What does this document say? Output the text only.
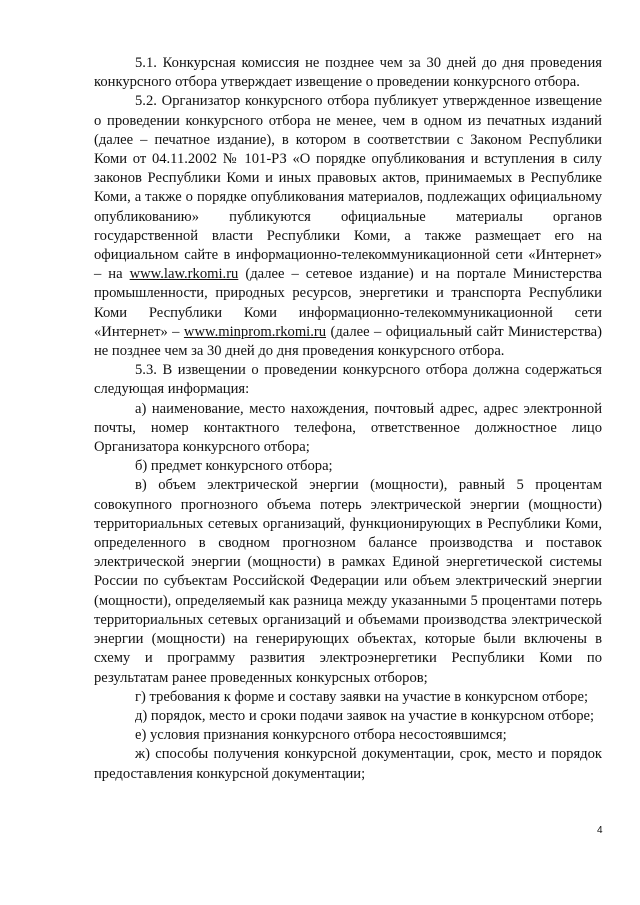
5.1. Конкурсная комиссия не позднее чем за 30 дней до дня проведения конкурсного отбора утверждает извещение о проведении конкурсного отбора.

5.2. Организатор конкурсного отбора публикует утвержденное извещение о проведении конкурсного отбора не менее, чем в одном из печатных изданий (далее – печатное издание), в котором в соответствии с Законом Республики Коми от 04.11.2002 № 101-РЗ «О порядке опубликования и вступления в силу законов Республики Коми и иных правовых актов, принимаемых в Республике Коми, а также о порядке опубликования материалов, подлежащих официальному опубликованию» публикуются официальные материалы органов государственной власти Республики Коми, а также размещает его на официальном сайте в информационно-телекоммуникационной сети «Интернет» – на www.law.rkomi.ru (далее – сетевое издание) и на портале Министерства промышленности, природных ресурсов, энергетики и транспорта Республики Коми Республики Коми информационно-телекоммуникационной сети «Интернет» – www.minprom.rkomi.ru (далее – официальный сайт Министерства) не позднее чем за 30 дней до дня проведения конкурсного отбора.

5.3. В извещении о проведении конкурсного отбора должна содержаться следующая информация:

а) наименование, место нахождения, почтовый адрес, адрес электронной почты, номер контактного телефона, ответственное должностное лицо Организатора конкурсного отбора;

б) предмет конкурсного отбора;

в) объем электрической энергии (мощности), равный 5 процентам совокупного прогнозного объема потерь электрической энергии (мощности) территориальных сетевых организаций, функционирующих в Республики Коми, определенного в сводном прогнозном балансе производства и поставок электрической энергии (мощности) в рамках Единой энергетической системы России по субъектам Российской Федерации или объем электрический энергии (мощности), определяемый как разница между указанными 5 процентами потерь территориальных сетевых организаций и объемами производства электрической энергии (мощности) на генерирующих объектах, которые были включены в схему и программу развития электроэнергетики Республики Коми по результатам ранее проведенных конкурсных отборов;

г) требования к форме и составу заявки на участие в конкурсном отборе;

д) порядок, место и сроки подачи заявок на участие в конкурсном отборе;

е) условия признания конкурсного отбора несостоявшимся;

ж) способы получения конкурсной документации, срок, место и порядок предоставления конкурсной документации;

4
